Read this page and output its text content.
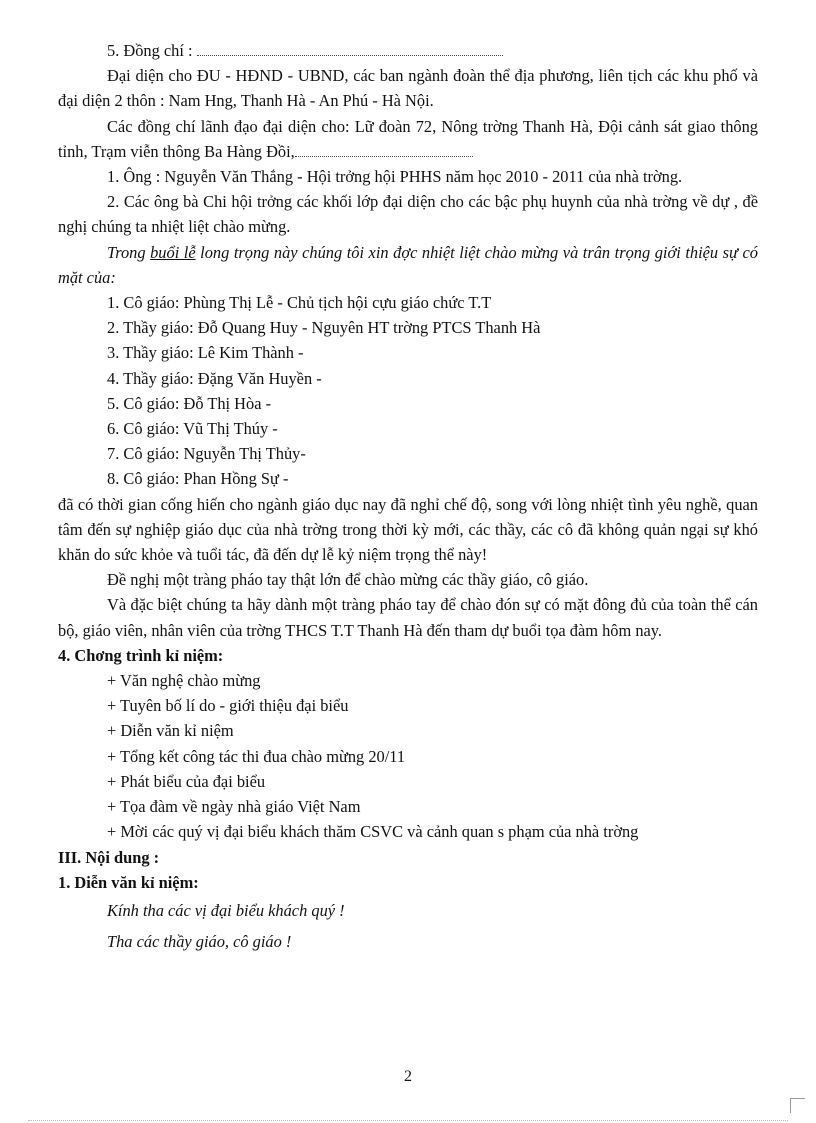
5. Đồng chí :

Đại diện cho ĐU - HĐND - UBND, các ban ngành đoàn thể địa phương, liên tịch các khu phố và đại diện 2 thôn : Nam Hng, Thanh Hà - An Phú - Hà Nội.

Các đồng chí lãnh đạo đại diện cho: Lữ đoàn 72, Nông trờng Thanh Hà, Đội cảnh sát giao thông tỉnh, Trạm viễn thông Ba Hàng Đồi,

1. Ông : Nguyễn Văn Thắng - Hội trởng hội PHHS năm học 2010 - 2011 của nhà trờng.

2. Các ông bà Chi hội trởng các khối lớp đại diện cho các bậc phụ huynh của nhà trờng về dự , đề nghị chúng ta nhiệt liệt chào mừng.

Trong buổi lễ long trọng này chúng tôi xin đợc nhiệt liệt chào mừng và trân trọng giới thiệu sự có mặt của:

1. Cô giáo: Phùng Thị Lễ - Chủ tịch hội cựu giáo chức T.T

2. Thầy giáo: Đỗ Quang Huy - Nguyên HT trờng PTCS Thanh Hà

3. Thầy giáo: Lê Kim Thành -

4. Thầy giáo: Đặng Văn Huyền -

5. Cô giáo: Đỗ Thị Hòa -

6. Cô giáo: Vũ Thị Thúy -

7. Cô giáo: Nguyễn Thị Thủy-

8. Cô giáo: Phan Hồng Sự -

đã có thời gian cống hiến cho ngành giáo dục nay đã nghỉ chế độ, song với lòng nhiệt tình yêu nghề, quan tâm đến sự nghiệp giáo dục của nhà trờng trong thời kỳ mới, các thầy, các cô đã không quản ngại sự khó khăn do sức khỏe và tuổi tác, đã đến dự lễ kỷ niệm trọng thể này!

Đề nghị một tràng pháo tay thật lớn để chào mừng các thầy giáo, cô giáo.

Và đặc biệt chúng ta hãy dành một tràng pháo tay để chào đón sự có mặt đông đủ của toàn thể cán bộ, giáo viên, nhân viên của trờng THCS T.T Thanh Hà đến tham dự buổi tọa đàm hôm nay.

4. Chơng trình kỉ niệm:

+ Văn nghệ chào mừng

+ Tuyên bố lí do - giới thiệu đại biểu

+ Diễn văn kỉ niệm

+ Tổng kết công tác thi đua chào mừng 20/11

+ Phát biểu của đại biểu

+ Tọa đàm về ngày nhà giáo Việt Nam

+ Mời các quý vị đại biểu khách thăm CSVC và cảnh quan s phạm của nhà trờng

III. Nội dung :

1. Diễn văn kỉ niệm:

Kính tha các vị đại biểu khách quý !

Tha các thầy giáo, cô giáo !

2
